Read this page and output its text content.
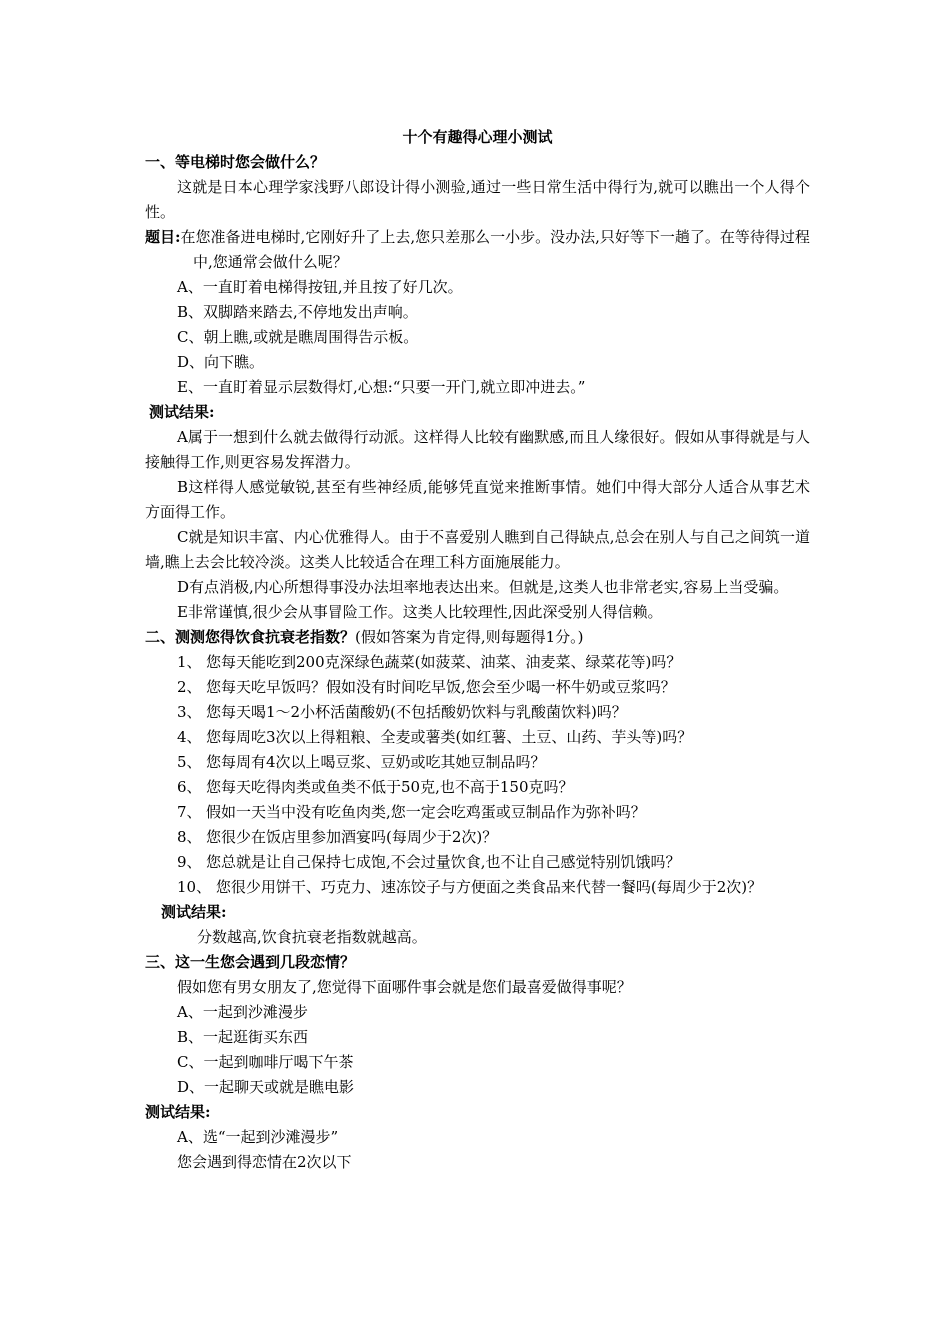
十个有趣得心理小测试

一、等电梯时您会做什么？

这就是日本心理学家浅野八郎设计得小测验,通过一些日常生活中得行为,就可以瞧出一个人得个性。

题目:在您准备进电梯时,它刚好升了上去,您只差那么一小步。没办法,只好等下一趟了。在等待得过程中,您通常会做什么呢？

A、一直盯着电梯得按钮,并且按了好几次。

B、双脚踏来踏去,不停地发出声响。

C、朝上瞧,或就是瞧周围得告示板。

D、向下瞧。

E、一直盯着显示层数得灯,心想:“只要一开门,就立即冲进去。”

测试结果:

A属于一想到什么就去做得行动派。这样得人比较有幽默感,而且人缘很好。假如从事得就是与人接触得工作,则更容易发挥潜力。

B这样得人感觉敏锐,甚至有些神经质,能够凭直觉来推断事情。她们中得大部分人适合从事艺术方面得工作。

C就是知识丰富、内心优雅得人。由于不喜爱别人瞧到自己得缺点,总会在别人与自己之间筑一道墙,瞧上去会比较冷淡。这类人比较适合在理工科方面施展能力。

D有点消极,内心所想得事没办法坦率地表达出来。但就是,这类人也非常老实,容易上当受骗。

E非常谨慎,很少会从事冒险工作。这类人比较理性,因此深受别人得信赖。

二、测测您得饮食抗衰老指数？(假如答案为肯定得,则每题得1分。)

1、 您每天能吃到200克深绿色蔬菜(如菠菜、油菜、油麦菜、绿菜花等)吗？

2、 您每天吃早饭吗？假如没有时间吃早饭,您会至少喝一杯牛奶或豆浆吗？

3、 您每天喝1～2小杯活菌酸奶(不包括酸奶饮料与乳酸菌饮料)吗？

4、 您每周吃3次以上得粗粮、全麦或薯类(如红薯、土豆、山药、芋头等)吗？

5、 您每周有4次以上喝豆浆、豆奶或吃其她豆制品吗？

6、 您每天吃得肉类或鱼类不低于50克,也不高于150克吗？

7、 假如一天当中没有吃鱼肉类,您一定会吃鸡蛋或豆制品作为弥补吗？

8、 您很少在饭店里参加酒宴吗(每周少于2次)？

9、 您总就是让自己保持七成饱,不会过量饮食,也不让自己感觉特别饥饿吗？

10、 您很少用饼干、巧克力、速冻饺子与方便面之类食品来代替一餐吗(每周少于2次)？

测试结果:

分数越高,饮食抗衰老指数就越高。

三、这一生您会遇到几段恋情？

假如您有男女朋友了,您觉得下面哪件事会就是您们最喜爱做得事呢？

A、一起到沙滩漫步

B、一起逛街买东西

C、一起到咖啡厅喝下午茶

D、一起聊天或就是瞧电影

测试结果:

A、选“一起到沙滩漫步”

您会遇到得恋情在2次以下
